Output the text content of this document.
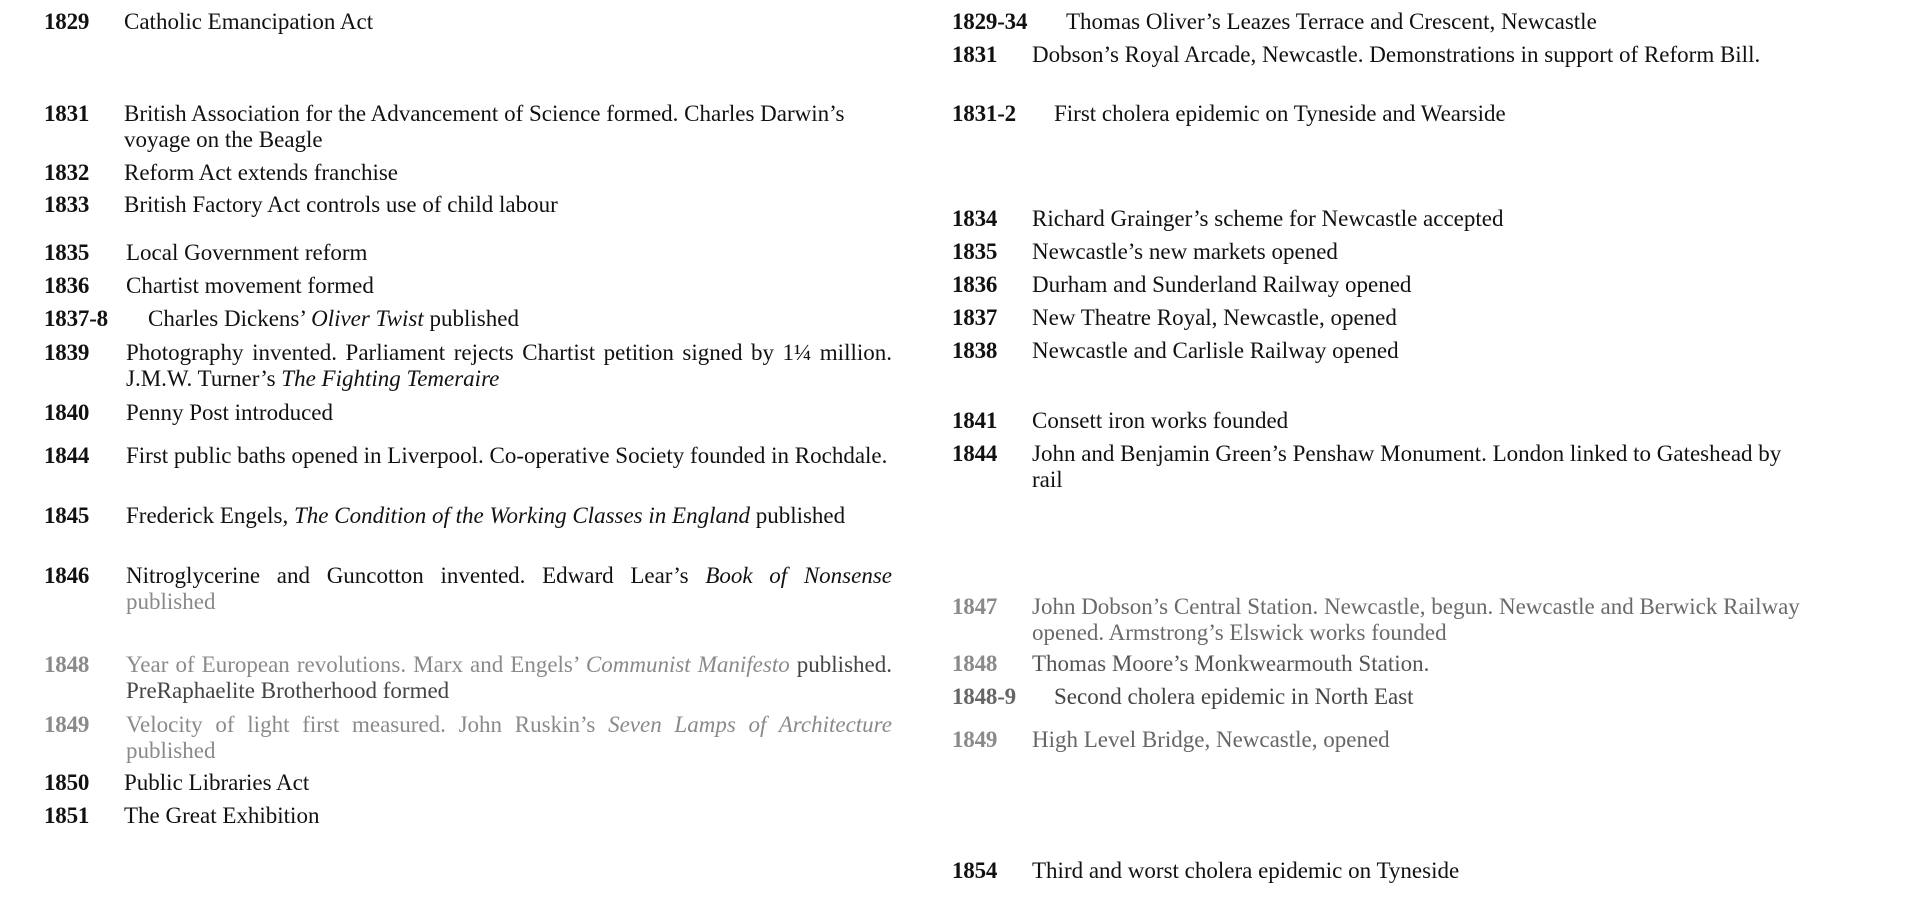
1829 Catholic Emancipation Act
1831 British Association for the Advancement of Science formed. Charles Darwin’s voyage on the Beagle
1832 Reform Act extends franchise
1833 British Factory Act controls use of child labour
1835 Local Government reform
1836 Chartist movement formed
1837-8 Charles Dickens’ Oliver Twist published
1839 Photography invented. Parliament rejects Chartist petition signed by 1¼ million. J.M.W. Turner’s The Fighting Temeraire
1840 Penny Post introduced
1844 First public baths opened in Liverpool. Co-operative Society founded in Rochdale.
1845 Frederick Engels, The Condition of the Working Classes in England published
1846 Nitroglycerine and Guncotton invented. Edward Lear’s Book of Nonsense published
1848 Year of European revolutions. Marx and Engels’ Communist Manifesto published. PreRaphaelite Brotherhood formed
1849 Velocity of light first measured. John Ruskin’s Seven Lamps of Architecture published
1850 Public Libraries Act
1851 The Great Exhibition
1829-34 Thomas Oliver’s Leazes Terrace and Crescent, Newcastle
1831 Dobson’s Royal Arcade, Newcastle. Demonstrations in support of Reform Bill.
1831-2 First cholera epidemic on Tyneside and Wearside
1834 Richard Grainger’s scheme for Newcastle accepted
1835 Newcastle’s new markets opened
1836 Durham and Sunderland Railway opened
1837 New Theatre Royal, Newcastle, opened
1838 Newcastle and Carlisle Railway opened
1841 Consett iron works founded
1844 John and Benjamin Green’s Penshaw Monument. London linked to Gateshead by rail
1847 John Dobson’s Central Station. Newcastle, begun. Newcastle and Berwick Railway opened. Armstrong’s Elswick works founded
1848 Thomas Moore’s Monkwearmouth Station.
1848-9 Second cholera epidemic in North East
1849 High Level Bridge, Newcastle, opened
1854 Third and worst cholera epidemic on Tyneside
